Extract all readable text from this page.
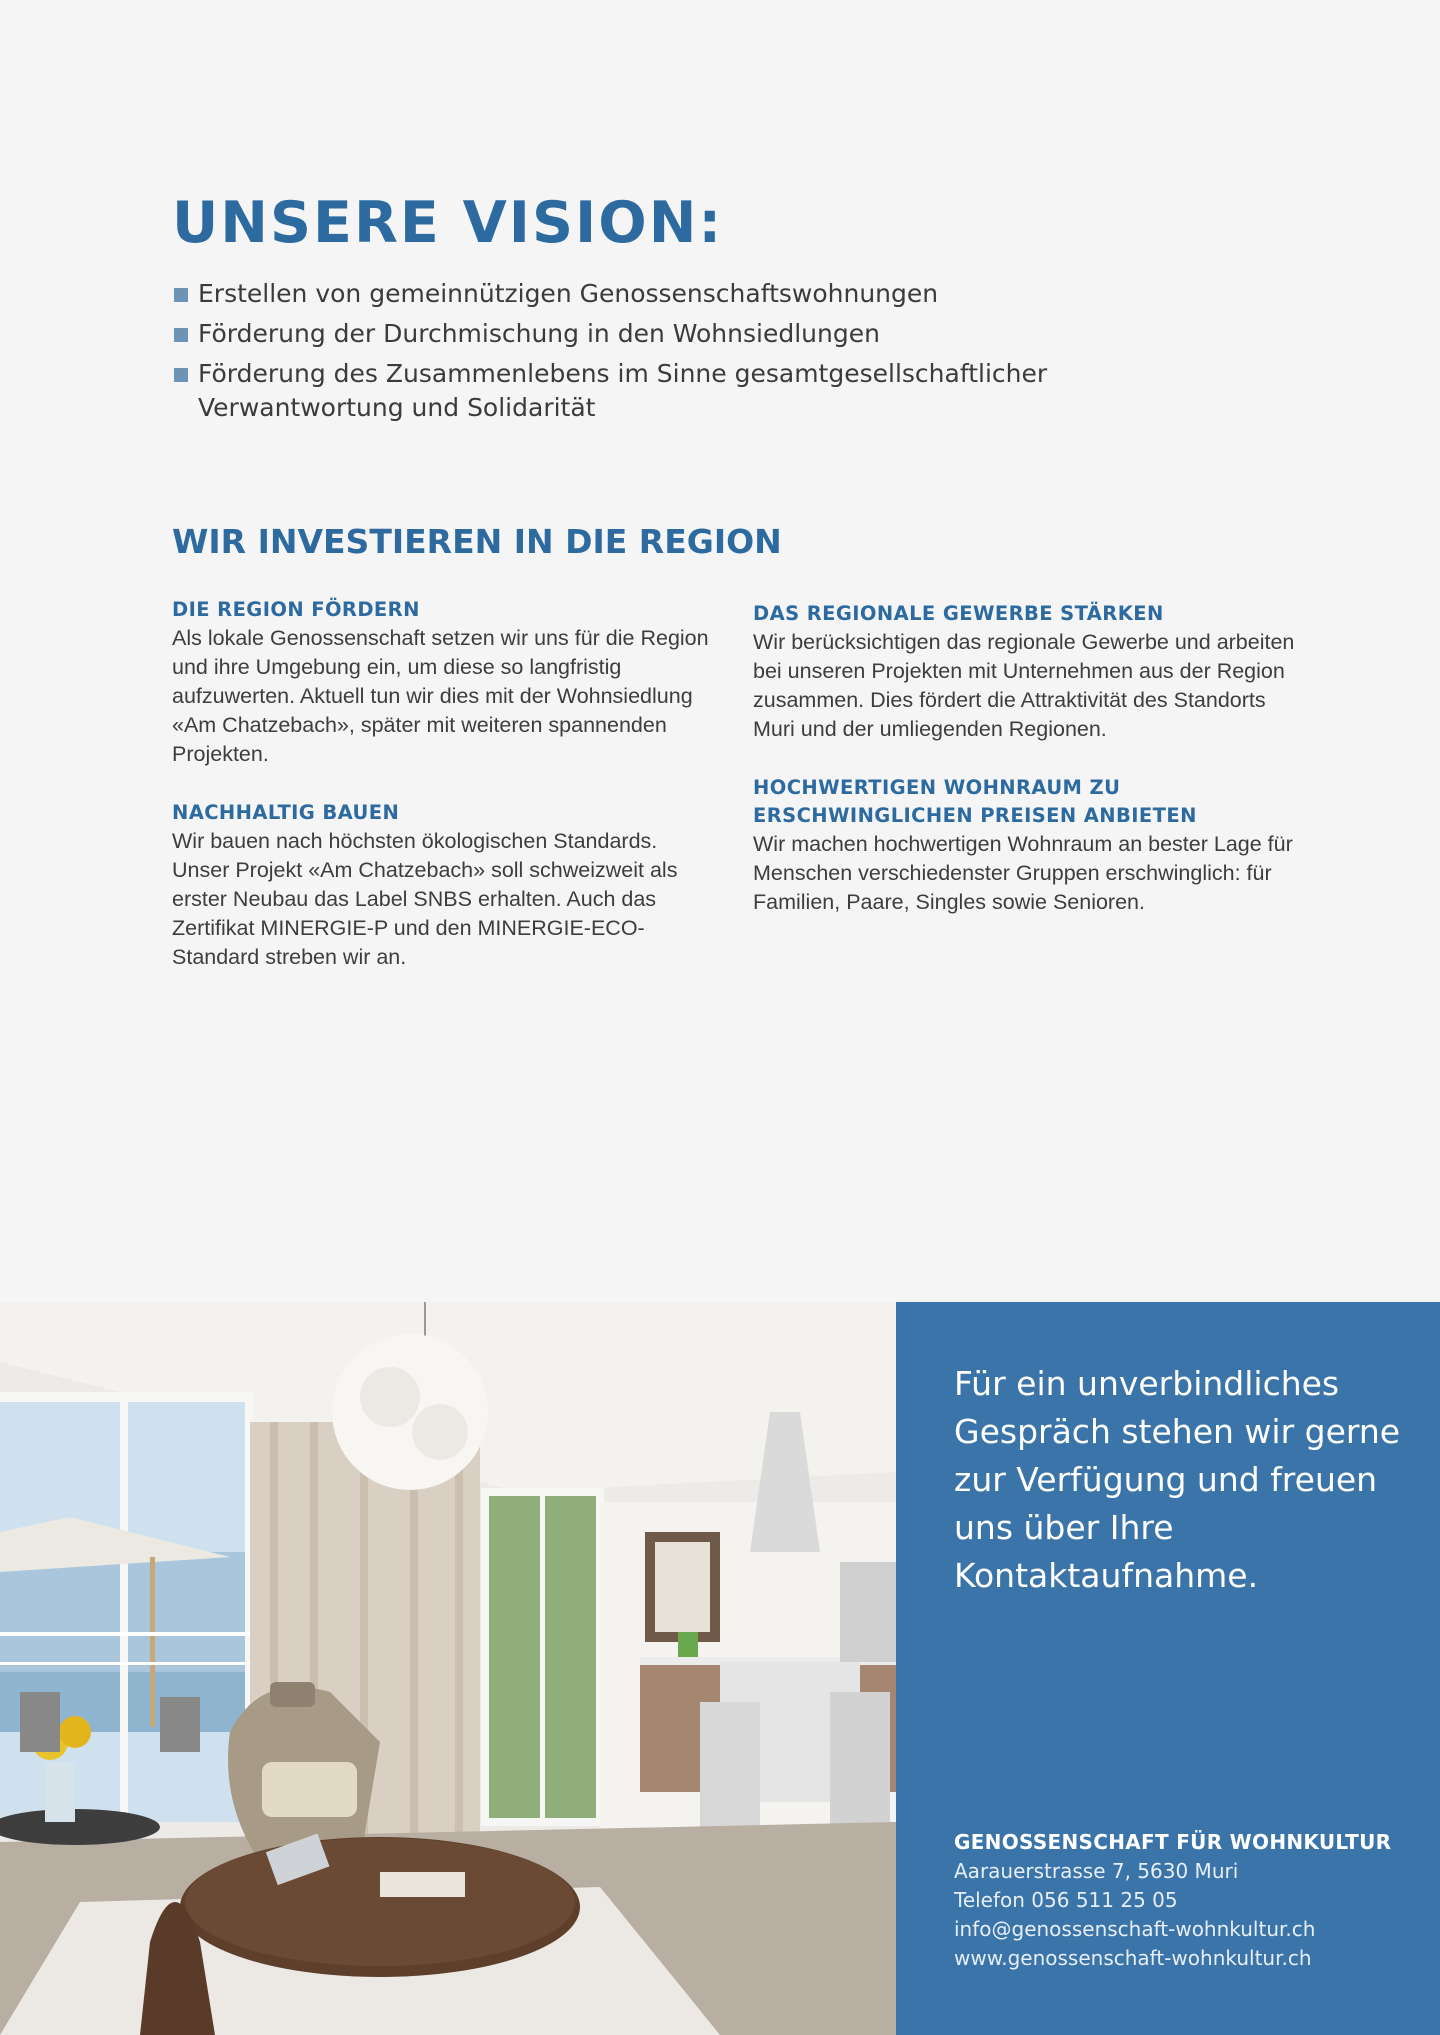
UNSERE VISION:
Erstellen von gemeinnützigen Genossenschaftswohnungen
Förderung der Durchmischung in den Wohnsiedlungen
Förderung des Zusammenlebens im Sinne gesamtgesellschaftlicher Verwantwortung und Solidarität
WIR INVESTIEREN IN DIE REGION
DIE REGION FÖRDERN

Als lokale Genossenschaft setzen wir uns für die Region und ihre Umgebung ein, um diese so langfristig aufzuwerten. Aktuell tun wir dies mit der Wohnsiedlung «Am Chatzebach», später mit weiteren spannenden Projekten.

NACHHALTIG BAUEN

Wir bauen nach höchsten ökologischen Standards. Unser Projekt «Am Chatzebach» soll schweizweit als erster Neubau das Label SNBS erhalten. Auch das Zertifikat MINERGIE-P und den MINERGIE-ECO-Standard streben wir an.

DAS REGIONALE GEWERBE STÄRKEN

Wir berücksichtigen das regionale Gewerbe und arbeiten bei unseren Projekten mit Unternehmen aus der Region zusammen. Dies fördert die Attraktivität des Standorts Muri und der umliegenden Regionen.

HOCHWERTIGEN WOHNRAUM ZU ERSCHWINGLICHEN PREISEN ANBIETEN

Wir machen hochwertigen Wohnraum an bester Lage für Menschen verschiedenster Gruppen erschwinglich: für Familien, Paare, Singles sowie Senioren.

Für ein unverbindliches Gespräch stehen wir gerne zur Verfügung und freuen uns über Ihre Kontaktaufnahme.

GENOSSENSCHAFT FÜR WOHNKULTUR
Aarauerstrasse 7, 5630 Muri
Telefon 056 511 25 05
info@genossenschaft-wohnkultur.ch
www.genossenschaft-wohnkultur.ch
